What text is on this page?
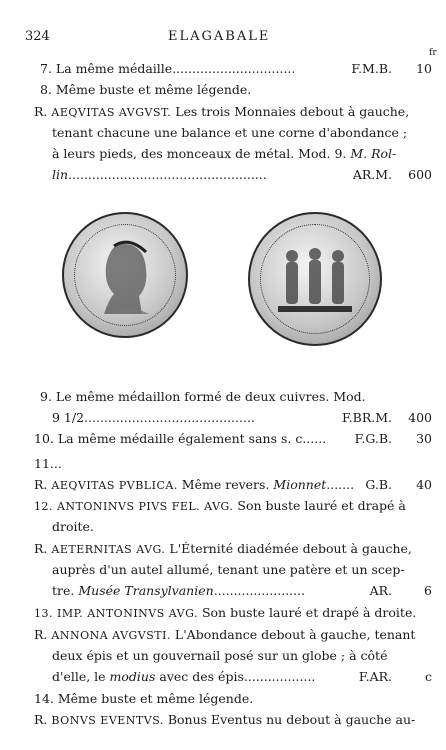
324	ELAGABALE
fr
7. La même médaille...............................	F.M.B.	10
8. Même buste et même légende.
R. AEQVITAS AVGVST. Les trois Monnaies debout à gauche,
tenant chacune une balance et une corne d'abondance ;
à leurs pieds, des monceaux de métal. Mod. 9. M. Rol-
lin..................................................	AR.M.	600
9. Le même médaillon formé de deux cuivres. Mod.
9 1/2...........................................	F.BR.M.	400
10. La même médaille également sans s. c......	F.G.B.	30
11...
R. AEQVITAS PVBLICA. Même revers. Mionnet....... G.B.	40
12. ANTONINVS PIVS FEL. AVG. Son buste lauré et drapé à
droite.
R. AETERNITAS AVG. L'Éternité diadémée debout à gauche,
auprès d'un autel allumé, tenant une patère et un scep-
tre. Musée Transylvanien.......................	AR.	6
13. IMP. ANTONINVS AVG. Son buste lauré et drapé à droite.
R. ANNONA AVGVSTI. L'Abondance debout à gauche, tenant
deux épis et un gouvernail posé sur un globe ; à côté
d'elle, le modius avec des épis..................	F.AR.	c
14. Même buste et même légende.
R. BONVS EVENTVS. Bonus Eventus nu debout à gauche au-
